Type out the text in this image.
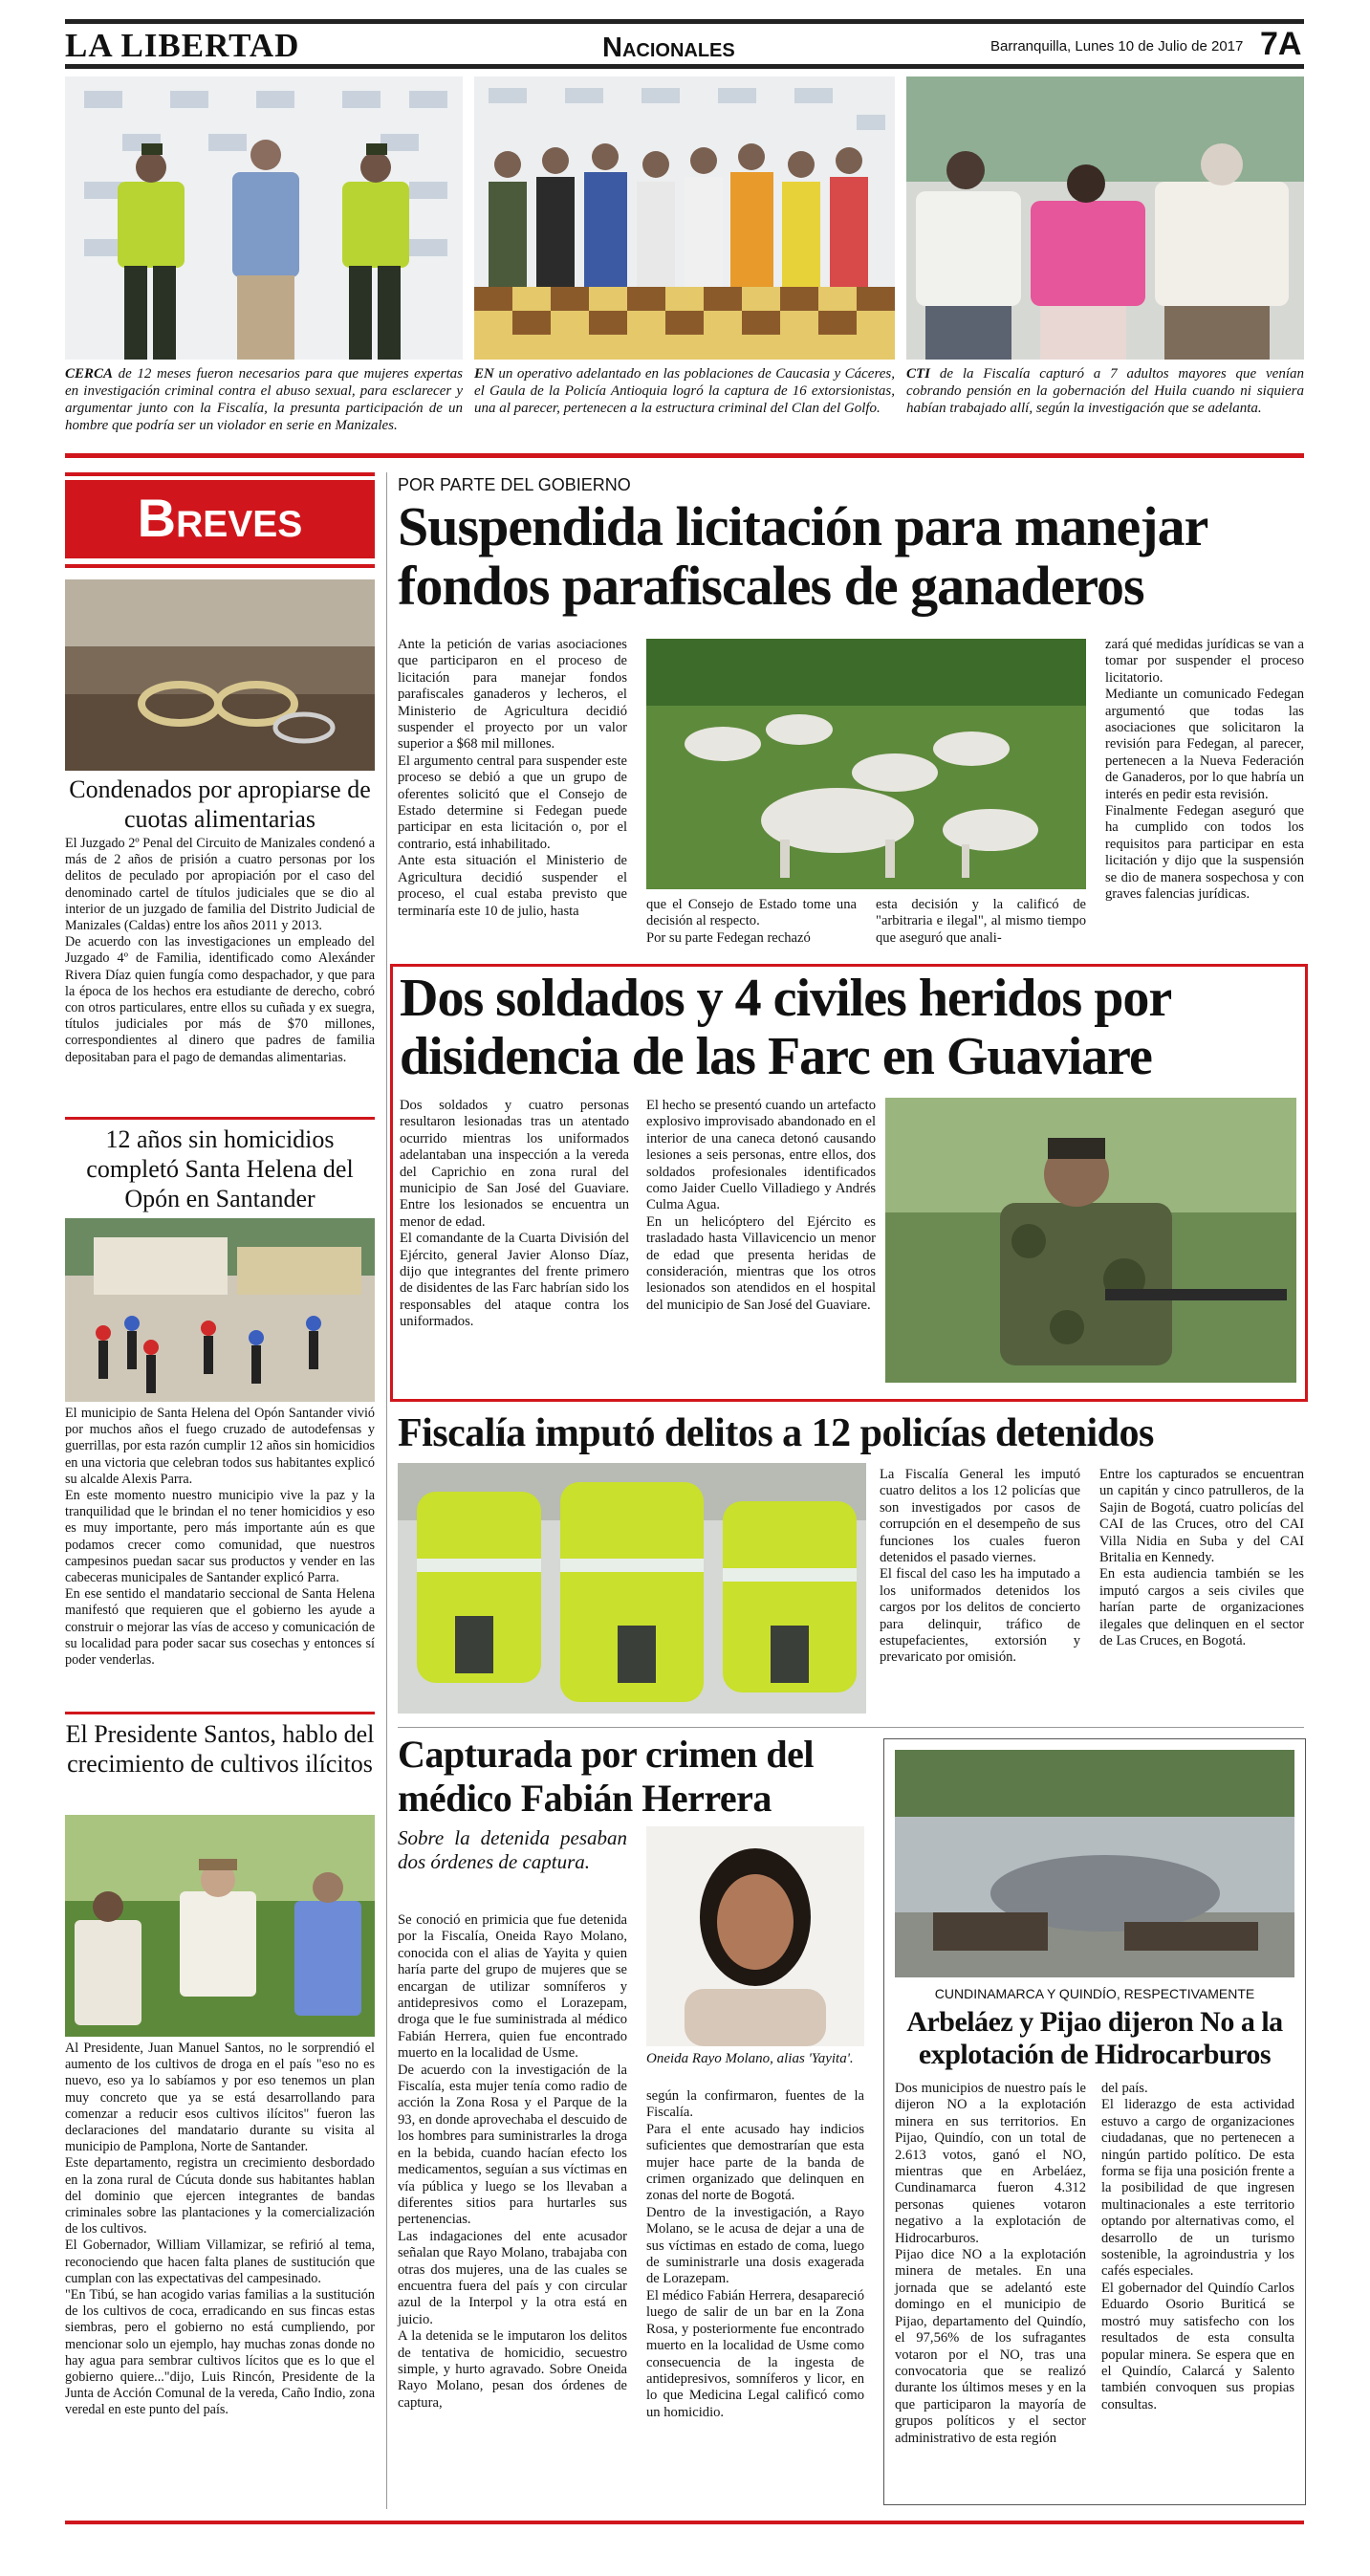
LA LIBERTAD	Nacionales	Barranquilla, Lunes 10 de Julio de 2017 7A
CERCA de 12 meses fueron necesarios para que mujeres expertas en investigación criminal contra el abuso sexual, para esclarecer y argumentar junto con la Fiscalía, la presunta participación de un hombre que podría ser un violador en serie en Manizales.
EN un operativo adelantado en las poblaciones de Caucasia y Cáceres, el Gaula de la Policía Antioquia logró la captura de 16 extorsionistas, una al parecer, pertenecen a la estructura criminal del Clan del Golfo.
CTI de la Fiscalía capturó a 7 adultos mayores que venían cobrando pensión en la gobernación del Huila cuando ni siquiera habían trabajado allí, según la investigación que se adelanta.
Breves
Condenados por apropiarse de cuotas alimentarias
El Juzgado 2º Penal del Circuito de Manizales condenó a más de 2 años de prisión a cuatro personas por los delitos de peculado por apropiación por el caso del denominado cartel de títulos judiciales que se dio al interior de un juzgado de familia del Distrito Judicial de Manizales (Caldas) entre los años 2011 y 2013.
De acuerdo con las investigaciones un empleado del Juzgado 4º de Familia, identificado como Alexánder Rivera Díaz quien fungía como despachador, y que para la época de los hechos era estudiante de derecho, cobró con otros particulares, entre ellos su cuñada y ex suegra, títulos judiciales por más de $70 millones, correspondientes al dinero que padres de familia depositaban para el pago de demandas alimentarias.
12 años sin homicidios completó Santa Helena del Opón en Santander
El municipio de Santa Helena del Opón Santander vivió por muchos años el fuego cruzado de autodefensas y guerrillas, por esta razón cumplir 12 años sin homicidios en una victoria que celebran todos sus habitantes explicó su alcalde Alexis Parra.
En este momento nuestro municipio vive la paz y la tranquilidad que le brindan el no tener homicidios y eso es muy importante, pero más importante aún es que podamos crecer como comunidad, que nuestros campesinos puedan sacar sus productos y vender en las cabeceras municipales de Santander explicó Parra.
En ese sentido el mandatario seccional de Santa Helena manifestó que requieren que el gobierno les ayude a construir o mejorar las vías de acceso y comunicación de su localidad para poder sacar sus cosechas y entonces sí poder venderlas.
El Presidente Santos, hablo del crecimiento de cultivos ilícitos
Al Presidente, Juan Manuel Santos, no le sorprendió el aumento de los cultivos de droga en el país "eso no es nuevo, eso ya lo sabíamos y por eso tenemos un plan muy concreto que ya se está desarrollando para comenzar a reducir esos cultivos ilícitos" fueron las declaraciones del mandatario durante su visita al municipio de Pamplona, Norte de Santander.
Este departamento, registra un crecimiento desbordado en la zona rural de Cúcuta donde sus habitantes hablan del dominio que ejercen integrantes de bandas criminales sobre las plantaciones y la comercialización de los cultivos.
El Gobernador, William Villamizar, se refirió al tema, reconociendo que hacen falta planes de sustitución que cumplan con las expectativas del campesinado.
"En Tibú, se han acogido varias familias a la sustitución de los cultivos de coca, erradicando en sus fincas estas siembras, pero el gobierno no está cumpliendo, por mencionar solo un ejemplo, hay muchas zonas donde no hay agua para sembrar cultivos lícitos que es lo que el gobierno quiere..."dijo, Luis Rincón, Presidente de la Junta de Acción Comunal de la vereda, Caño Indio, zona veredal en este punto del país.
POR PARTE DEL GOBIERNO
Suspendida licitación para manejar fondos parafiscales de ganaderos
Ante la petición de varias asociaciones que participaron en el proceso de licitación para manejar fondos parafiscales ganaderos y lecheros, el Ministerio de Agricultura decidió suspender el proyecto por un valor superior a $68 mil millones.
El argumento central para suspender este proceso se debió a que un grupo de oferentes solicitó que el Consejo de Estado determine si Fedegan puede participar en esta licitación o, por el contrario, está inhabilitado.
Ante esta situación el Ministerio de Agricultura decidió suspender el proceso, el cual estaba previsto que terminaría este 10 de julio, hasta	que el Consejo de Estado tome una decisión al respecto.
Por su parte Fedegan rechazó
esta decisión y la calificó de "arbitraria e ilegal", al mismo tiempo que aseguró que anali-
zará qué medidas jurídicas se van a tomar por suspender el proceso licitatorio.
Mediante un comunicado Fedegan argumentó que todas las asociaciones que solicitaron la revisión para Fedegan, al parecer, pertenecen a la Nueva Federación de Ganaderos, por lo que habría un interés en pedir esta revisión.
Finalmente Fedegan aseguró que ha cumplido con todos los requisitos para participar en esta licitación y dijo que la suspensión se dio de manera sospechosa y con graves falencias jurídicas.
Dos soldados y 4 civiles heridos por disidencia de las Farc en Guaviare
Dos soldados y cuatro personas resultaron lesionadas tras un atentado ocurrido mientras los uniformados adelantaban una inspección a la vereda del Caprichio en zona rural del municipio de San José del Guaviare. Entre los lesionados se encuentra un menor de edad.
El comandante de la Cuarta División del Ejército, general Javier Alonso Díaz, dijo que integrantes del frente primero de disidentes de las Farc habrían sido los responsables del ataque contra los uniformados.
El hecho se presentó cuando un artefacto explosivo improvisado abandonado en el interior de una caneca detonó causando lesiones a seis personas, entre ellos, dos soldados profesionales identificados como Jaider Cuello Villadiego y Andrés Culma Agua.
En un helicóptero del Ejército es trasladado hasta Villavicencio un menor de edad que presenta heridas de consideración, mientras que los otros lesionados son atendidos en el hospital del municipio de San José del Guaviare.
Fiscalía imputó delitos a 12 policías detenidos
La Fiscalía General les imputó cuatro delitos a los 12 policías que son investigados por casos de corrupción en el desempeño de sus funciones los cuales fueron detenidos el pasado viernes.
El fiscal del caso les ha imputado a los uniformados detenidos los cargos por los delitos de concierto para delinquir, tráfico de estupefacientes, extorsión y prevaricato por omisión.
Entre los capturados se encuentran un capitán y cinco patrulleros, de la Sajin de Bogotá, cuatro policías del CAI de las Cruces, otro del CAI Villa Nidia en Suba y del CAI Britalia en Kennedy.
En esta audiencia también se les imputó cargos a seis civiles que harían parte de organizaciones ilegales que delinquen en el sector de Las Cruces, en Bogotá.
Capturada por crimen del médico Fabián Herrera
Sobre la detenida pesaban dos órdenes de captura.
Se conoció en primicia que fue detenida por la Fiscalía, Oneida Rayo Molano, conocida con el alias de Yayita y quien haría parte del grupo de mujeres que se encargan de utilizar somníferos y antidepresivos como el Lorazepam, droga que le fue suministrada al médico Fabián Herrera, quien fue encontrado muerto en la localidad de Usme.
De acuerdo con la investigación de la Fiscalía, esta mujer tenía como radio de acción la Zona Rosa y el Parque de la 93, en donde aprovechaba el descuido de los hombres para suministrarles la droga en la bebida, cuando hacían efecto los medicamentos, seguían a sus víctimas en vía pública y luego se los llevaban a diferentes sitios para hurtarles sus pertenencias.
Las indagaciones del ente acusador señalan que Rayo Molano, trabajaba con otras dos mujeres, una de las cuales se encuentra fuera del país y con circular azul de la Interpol y la otra está en juicio.
A la detenida se le imputaron los delitos de tentativa de homicidio, secuestro simple, y hurto agravado. Sobre Oneida Rayo Molano, pesan dos órdenes de captura,
Oneida Rayo Molano, alias 'Yayita'.
según la confirmaron, fuentes de la Fiscalía.
Para el ente acusado hay indicios suficientes que demostrarían que esta mujer hace parte de la banda de crimen organizado que delinquen en zonas del norte de Bogotá.
Dentro de la investigación, a Rayo Molano, se le acusa de dejar a una de sus víctimas en estado de coma, luego de suministrarle una dosis exagerada de Lorazepam.
El médico Fabián Herrera, desapareció luego de salir de un bar en la Zona Rosa, y posteriormente fue encontrado muerto en la localidad de Usme como consecuencia de la ingesta de antidepresivos, somníferos y licor, en lo que Medicina Legal calificó como un homicidio.
CUNDINAMARCA Y QUINDÍO, RESPECTIVAMENTE
Arbeláez y Pijao dijeron No a la explotación de Hidrocarburos
Dos municipios de nuestro país le dijeron NO a la explotación minera en sus territorios. En Pijao, Quindío, con un total de 2.613 votos, ganó el NO, mientras que en Arbeláez, Cundinamarca fueron 4.312 personas quienes votaron negativo a la explotación de Hidrocarburos.
Pijao dice NO a la explotación minera de metales. En una jornada que se adelantó este domingo en el municipio de Pijao, departamento del Quindío, el 97,56% de los sufragantes votaron por el NO, tras una convocatoria que se realizó durante los últimos meses y en la que participaron la mayoría de grupos políticos y el sector administrativo de esta región
del país.
El liderazgo de esta actividad estuvo a cargo de organizaciones ciudadanas, que no pertenecen a ningún partido político. De esta forma se fija una posición frente a la posibilidad de que ingresen multinacionales a este territorio optando por alternativas como, el desarrollo de un turismo sostenible, la agroindustria y los cafés especiales.
El gobernador del Quindío Carlos Eduardo Osorio Buriticá se mostró muy satisfecho con los resultados de esta consulta popular minera. Se espera que en el Quindío, Calarcá y Salento también convoquen sus propias consultas.
